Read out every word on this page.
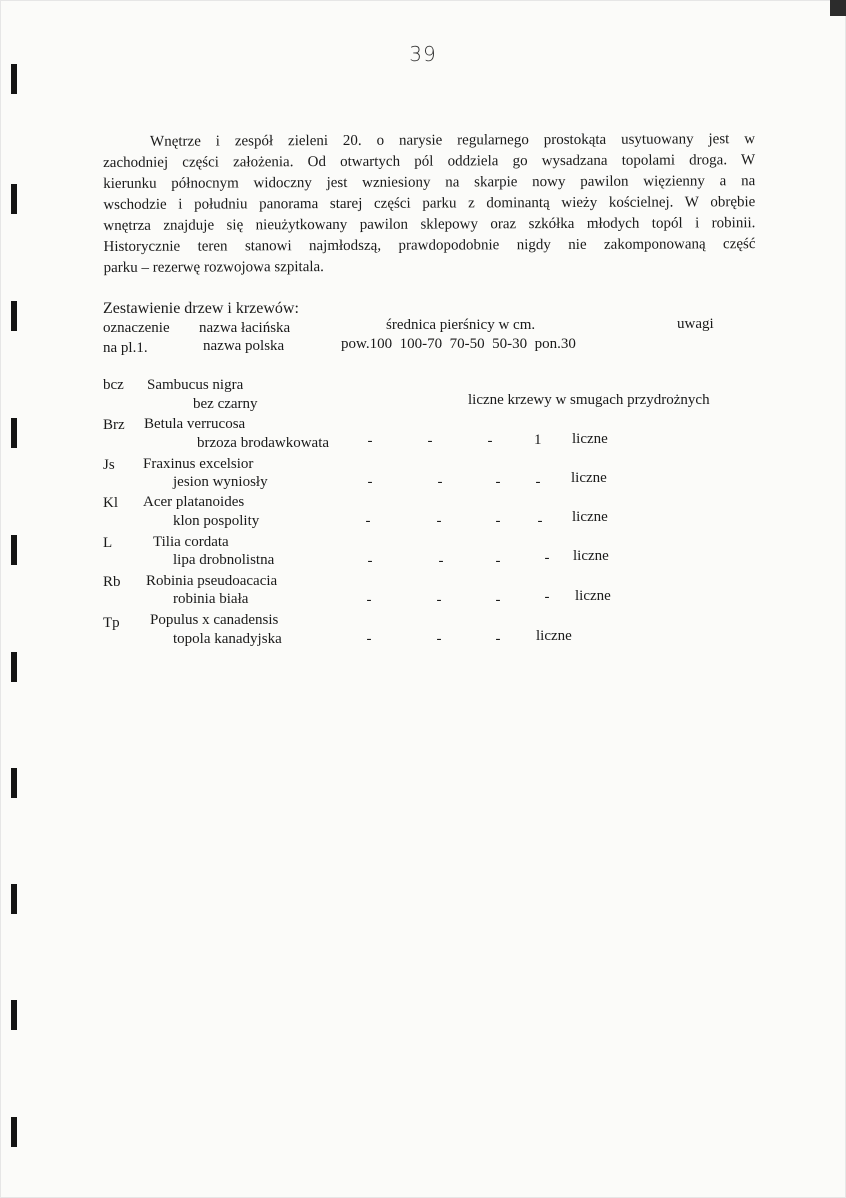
39

Wnętrze i zespół zieleni 20. o narysie regularnego prostokąta usytuowany jest w
zachodniej części założenia. Od otwartych pól oddziela go wysadzana topolami droga. W
kierunku północnym widoczny jest wzniesiony na skarpie nowy pawilon więzienny a na
wschodzie i południu panorama starej części parku z dominantą wieży kościelnej. W obrębie
wnętrza znajduje się nieużytkowany pawilon sklepowy oraz szkółka młodych topól i robinii.
Historycznie teren stanowi najmłodszą, prawdopodobnie nigdy nie zakomponowaną część
parku – rezerwę rozwojowa szpitala.

Zestawienie drzew i krzewów:
oznaczenie nazwa łacińska	średnica pierśnicy w cm.	uwagi
na pl.1.	nazwa polska	pow.100  100-70  70-50  50-30  pon.30
bcz Sambucus nigra
bez czarny	liczne krzewy w smugach przydrożnych
Brz Betula verrucosa
brzoza brodawkowata	-	-	-	1 liczne
Js Fraxinus excelsior
jesion wyniosły	-	-	- - liczne
Kl Acer platanoides
klon pospolity	-	-	- - liczne
L	Tilia cordata
lipa drobnolistna	-	-	-	- liczne
Rb Robinia pseudoacacia
robinia biała	-	-	-	- liczne
Tp Populus x canadensis
topola kanadyjska	-	-	- liczne
